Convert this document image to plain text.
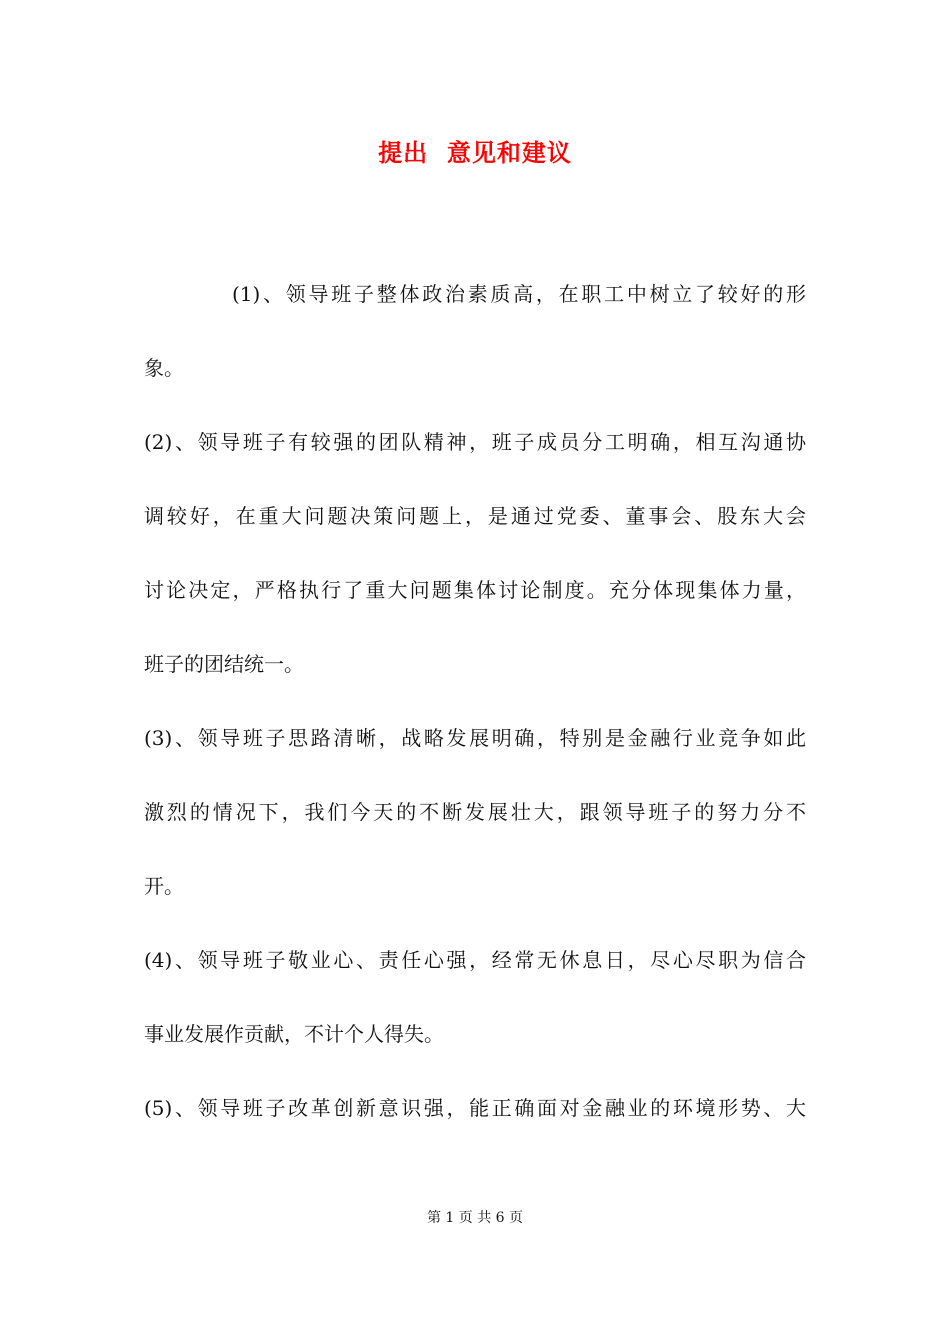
提出  意见和建议
(1)、领导班子整体政治素质高，在职工中树立了较好的形
象。
(2)、领导班子有较强的团队精神，班子成员分工明确，相互沟通协
调较好，在重大问题决策问题上，是通过党委、董事会、股东大会
讨论决定，严格执行了重大问题集体讨论制度。充分体现集体力量，
班子的团结统一。
(3)、领导班子思路清晰，战略发展明确，特别是金融行业竞争如此
激烈的情况下，我们今天的不断发展壮大，跟领导班子的努力分不
开。
(4)、领导班子敬业心、责任心强，经常无休息日，尽心尽职为信合
事业发展作贡献，不计个人得失。
(5)、领导班子改革创新意识强，能正确面对金融业的环境形势、大
第 1 页 共 6 页
